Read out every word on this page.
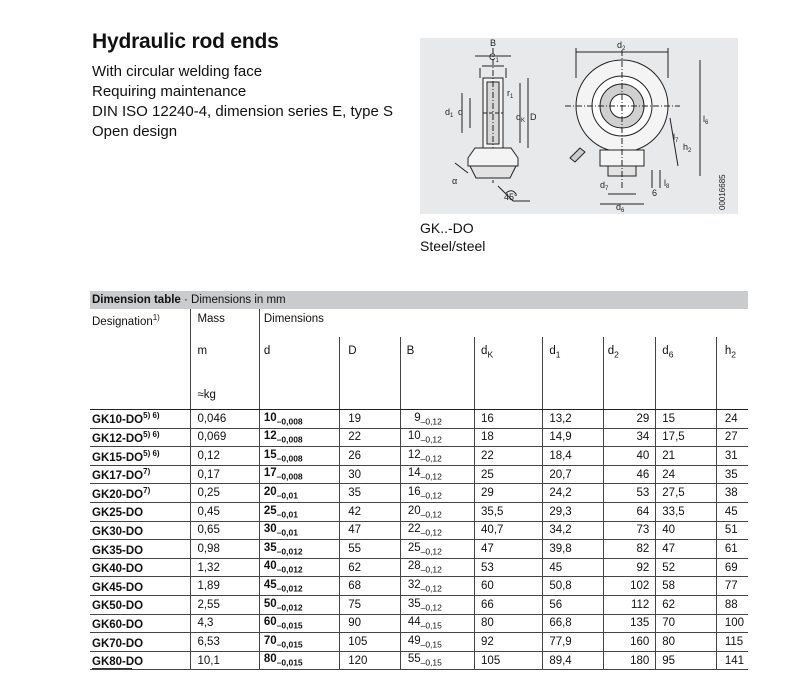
Hydraulic rod ends
With circular welding face
Requiring maintenance
DIN ISO 12240-4, dimension series E, type S
Open design
B
$C_1$
$r_1$
$d_1$ d	$d_K$ D
α
45°
$d_2$
$l_6$
$l_7$
$h_2$
$d_7$
$d_6$
$l_8$
6	00016685
GK..-DO
Steel/steel
Dimension table · Dimensions in mm									
Designation$^{1)}$	Mass	Dimensions							
	m	d	D	B	$d_K$	$d_1$	$d_2$	$d_6$	$h_2$
	≈kg								
$GK10-DO^{5) 6)}$	0,046	$10_{-0,008}$	19	$9_{-0,12}$	16	13,2	29	15	24
$GK12-DO^{5) 6)}$	0,069	$12_{-0,008}$	22	$10_{-0,12}$	18	14,9	34	17,5	27
$GK15-DO^{5) 6)}$	0,12	$15_{-0,008}$	26	$12_{-0,12}$	22	18,4	40	21	31
GK17-DO$^{7)}$	0,17	$17_{-0,008}$	30	$14_{-0,12}$	25	20,7	46	24	35
GK20-DO$^{7)}$	0,25	$20_{-0,01}$	35	$16_{-0,12}$	29	24,2	53	27,5	38
GK25-DO	0,45	$25_{-0,01}$	42	$20_{-0,12}$	35,5	29,3	64	33,5	45
GK30-DO	0,65	$30_{-0,01}$	47	$22_{-0,12}$	40,7	34,2	73	40	51
GK35-DO	0,98	$35_{-0,012}$	55	$25_{-0,12}$	47	39,8	82	47	61
GK40-DO	1,32	$40_{-0,012}$	62	$28_{-0,12}$	53	45	92	52	69
GK45-DO	1,89	$45_{-0,012}$	68	$32_{-0,12}$	60	50,8	102	58	77
GK50-DO	2,55	$50_{-0,012}$	75	$35_{-0,12}$	66	56	112	62	88
GK60-DO	4,3	$60_{-0,015}$	90	$44_{-0,15}$	80	66,8	135	70	100
GK70-DO	6,53	$70_{-0,015}$	105	$49_{-0,15}$	92	77,9	160	80	115
GK80-DO	10,1	$80_{-0,015}$	120	$55_{-0,15}$	105	89,4	180	95	141
